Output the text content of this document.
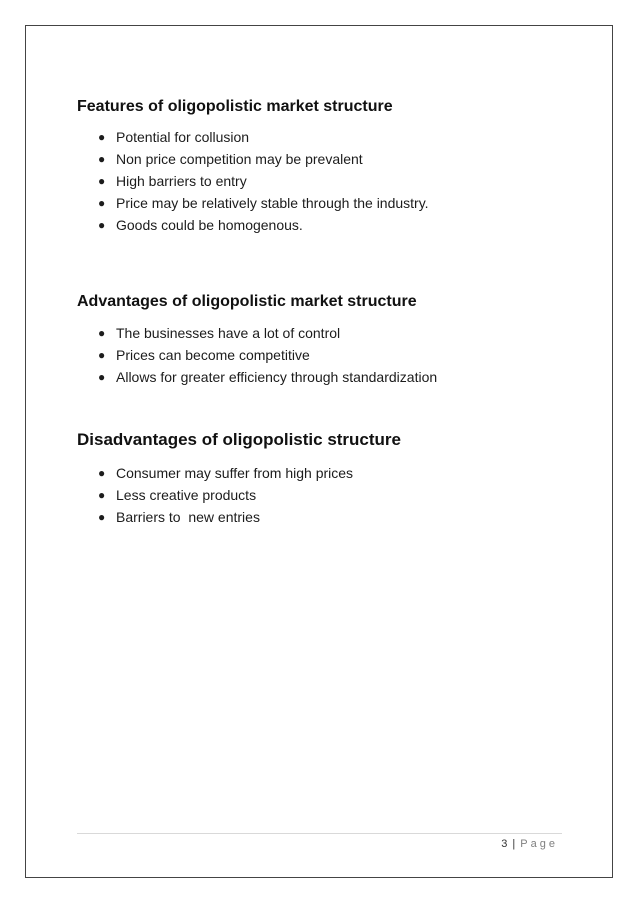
Features of oligopolistic market structure
● Potential for collusion
● Non price competition may be prevalent
● High barriers to entry
● Price may be relatively stable through the industry.
● Goods could be homogenous.
Advantages of oligopolistic market structure
● The businesses have a lot of control
● Prices can become competitive
● Allows for greater efficiency through standardization
Disadvantages of oligopolistic structure
● Consumer may suffer from high prices
● Less creative products
● Barriers to  new entries
3 | Page
